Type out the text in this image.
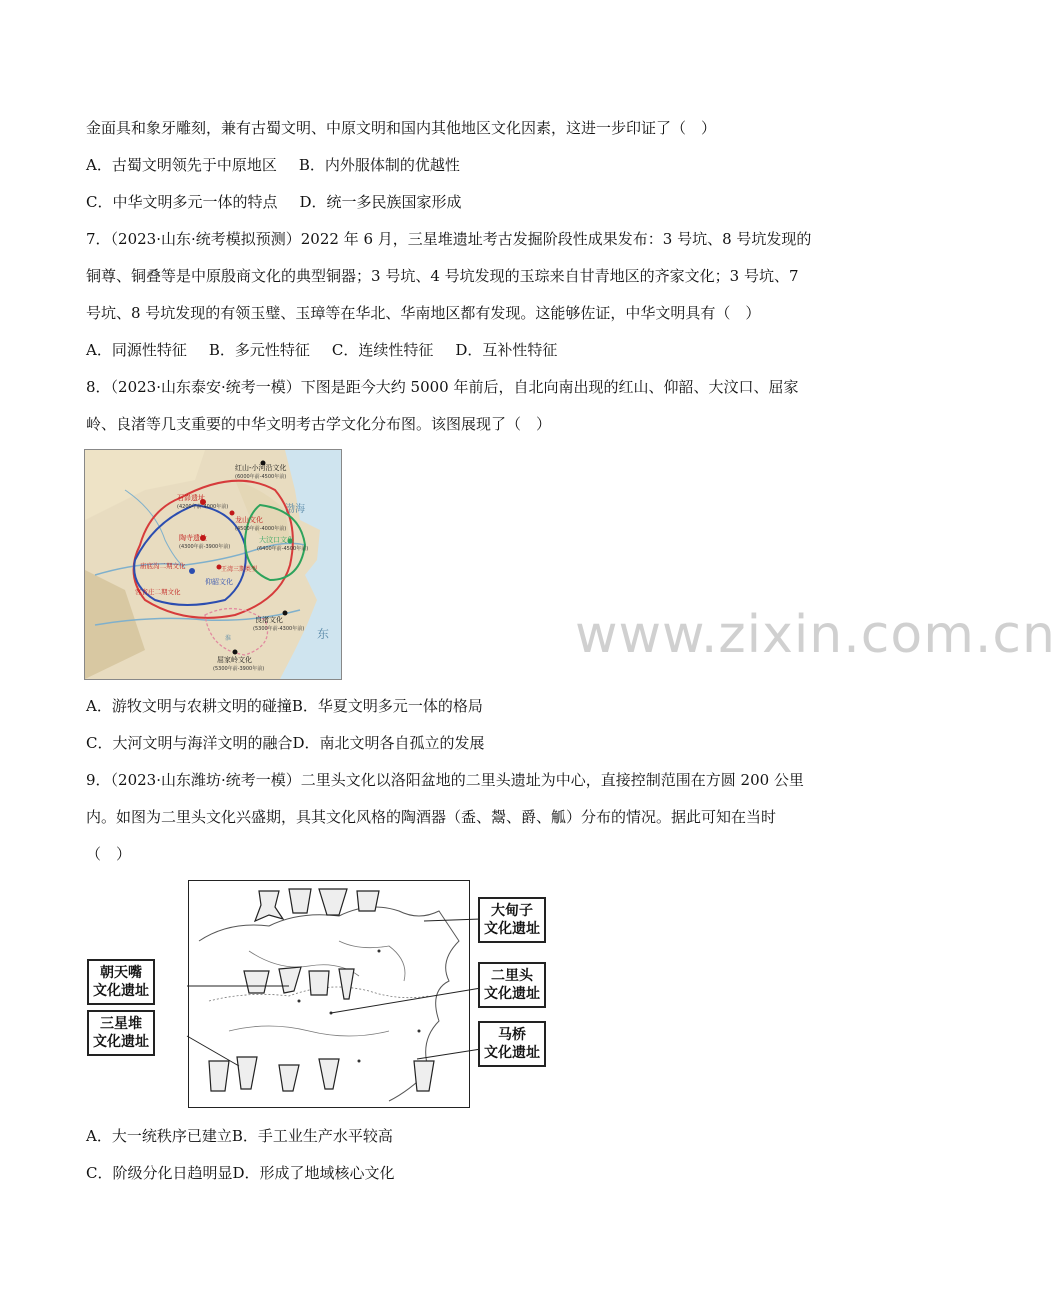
金面具和象牙雕刻，兼有古蜀文明、中原文明和国内其他地区文化因素，这进一步印证了（　）
A．古蜀文明领先于中原地区 B．内外服体制的优越性
C．中华文明多元一体的特点 D．统一多民族国家形成
7．（2023·山东·统考模拟预测）2022 年 6 月，三星堆遗址考古发掘阶段性成果发布：3 号坑、8 号坑发现的
铜尊、铜叠等是中原殷商文化的典型铜器；3 号坑、4 号坑发现的玉琮来自甘青地区的齐家文化；3 号坑、7
号坑、8 号坑发现的有领玉璧、玉璋等在华北、华南地区都有发现。这能够佐证，中华文明具有（　）
A．同源性特征 B．多元性特征 C．连续性特征 D．互补性特征
8．（2023·山东泰安·统考一模）下图是距今大约 5000 年前后，自北向南出现的红山、仰韶、大汶口、屈家
岭、良渚等几支重要的中华文明考古学文化分布图。该图展现了（　）
渤海
东
红山-小河沿文化
(6000年前-4500年前)
石峁遗址
(4200年前-4000年前)
龙山文化
(4500年前-4000年前)
陶寺遗址
(4300年前-3900年前)
大汶口文化
(6400年前-4500年前)
庙底沟二期文化	王湾三期类型
仰韶文化
客省庄二期文化
良渚文化
(5300年前-4300年前)
屈家岭文化
(5300年前-3900年前)
淮
A．游牧文明与农耕文明的碰撞B．华夏文明多元一体的格局
C．大河文明与海洋文明的融合D．南北文明各自孤立的发展
www.zixin.com.cn
9．（2023·山东潍坊·统考一模）二里头文化以洛阳盆地的二里头遗址为中心，直接控制范围在方圆 200 公里
内。如图为二里头文化兴盛期，具其文化风格的陶酒器（盉、鬶、爵、觚）分布的情况。据此可知在当时
（　）
大甸子
文化遗址
朝天嘴
文化遗址
二里头
文化遗址
三星堆
文化遗址	马桥
文化遗址
A．大一统秩序已建立B．手工业生产水平较高
C．阶级分化日趋明显D．形成了地域核心文化
